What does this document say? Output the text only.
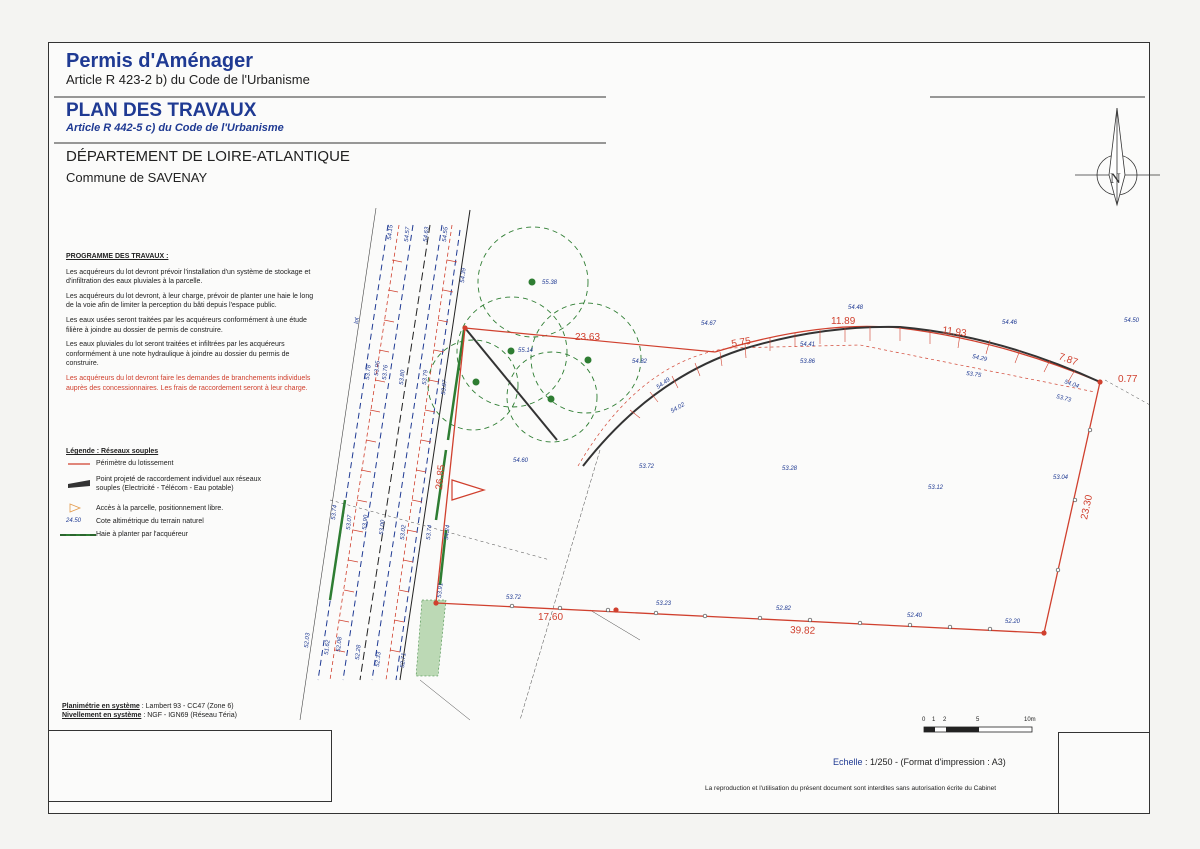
23.63	5.75
11.89
11.93
7.87
0.77
23.30
39.82
17.60
26.85
54.15 54.57 54.63 54.55
54.39	55.38
55.14
54.67
54.48
54.46	54.50
54.41
53.86	54.29
53.75
54.04
53.73
54.82
54.49
54.02
54.60
53.72	53.28
53.12
53.04
53.72
53.23
52.82
52.40
52.20
53.95
53.78	53.80
53.76
53.00
53.87
53.79
53.02	53.74 54.24
53.91
52.03 51.62 52.08
52.28 52.33	52.71
53.74
53.07 53.90
lot
N
0 1 2	5	10m
Permis d'Aménager
Article R 423-2 b) du Code de l'Urbanisme
PLAN DES TRAVAUX
Article R 442-5 c) du Code de l'Urbanisme
DÉPARTEMENT DE LOIRE-ATLANTIQUE
Commune de SAVENAY
PROGRAMME DES TRAVAUX :

Les acquéreurs du lot devront prévoir l'installation d'un système de stockage et d'infiltration des eaux pluviales à la parcelle.

Les acquéreurs du lot devront, à leur charge, prévoir de planter une haie le long de la voie afin de limiter la perception du bâti depuis l'espace public.

Les eaux usées seront traitées par les acquéreurs conformément à une étude filière à joindre au dossier de permis de construire.

Les eaux pluviales du lot seront traitées et infiltrées par les acquéreurs conformément à une note hydraulique à joindre au dossier du permis de construire.

Les acquéreurs du lot devront faire les demandes de branchements individuels auprès des concessionnaires. Les frais de raccordement seront à leur charge.

Légende : Réseaux souples
Périmètre du lotissement
Point projeté de raccordement individuel aux réseaux souples (Electricité - Télécom - Eau potable)
Accès à la parcelle, positionnement libre.
24.50	Cote altimétrique du terrain naturel
Haie à planter par l'acquéreur
Planimétrie en système : Lambert 93 - CC47 (Zone 6)
Nivellement en système : NGF - IGN69 (Réseau Téria)
Echelle : 1/250 - (Format d'impression : A3)
La reproduction et l'utilisation du présent document sont interdites sans autorisation écrite du Cabinet
